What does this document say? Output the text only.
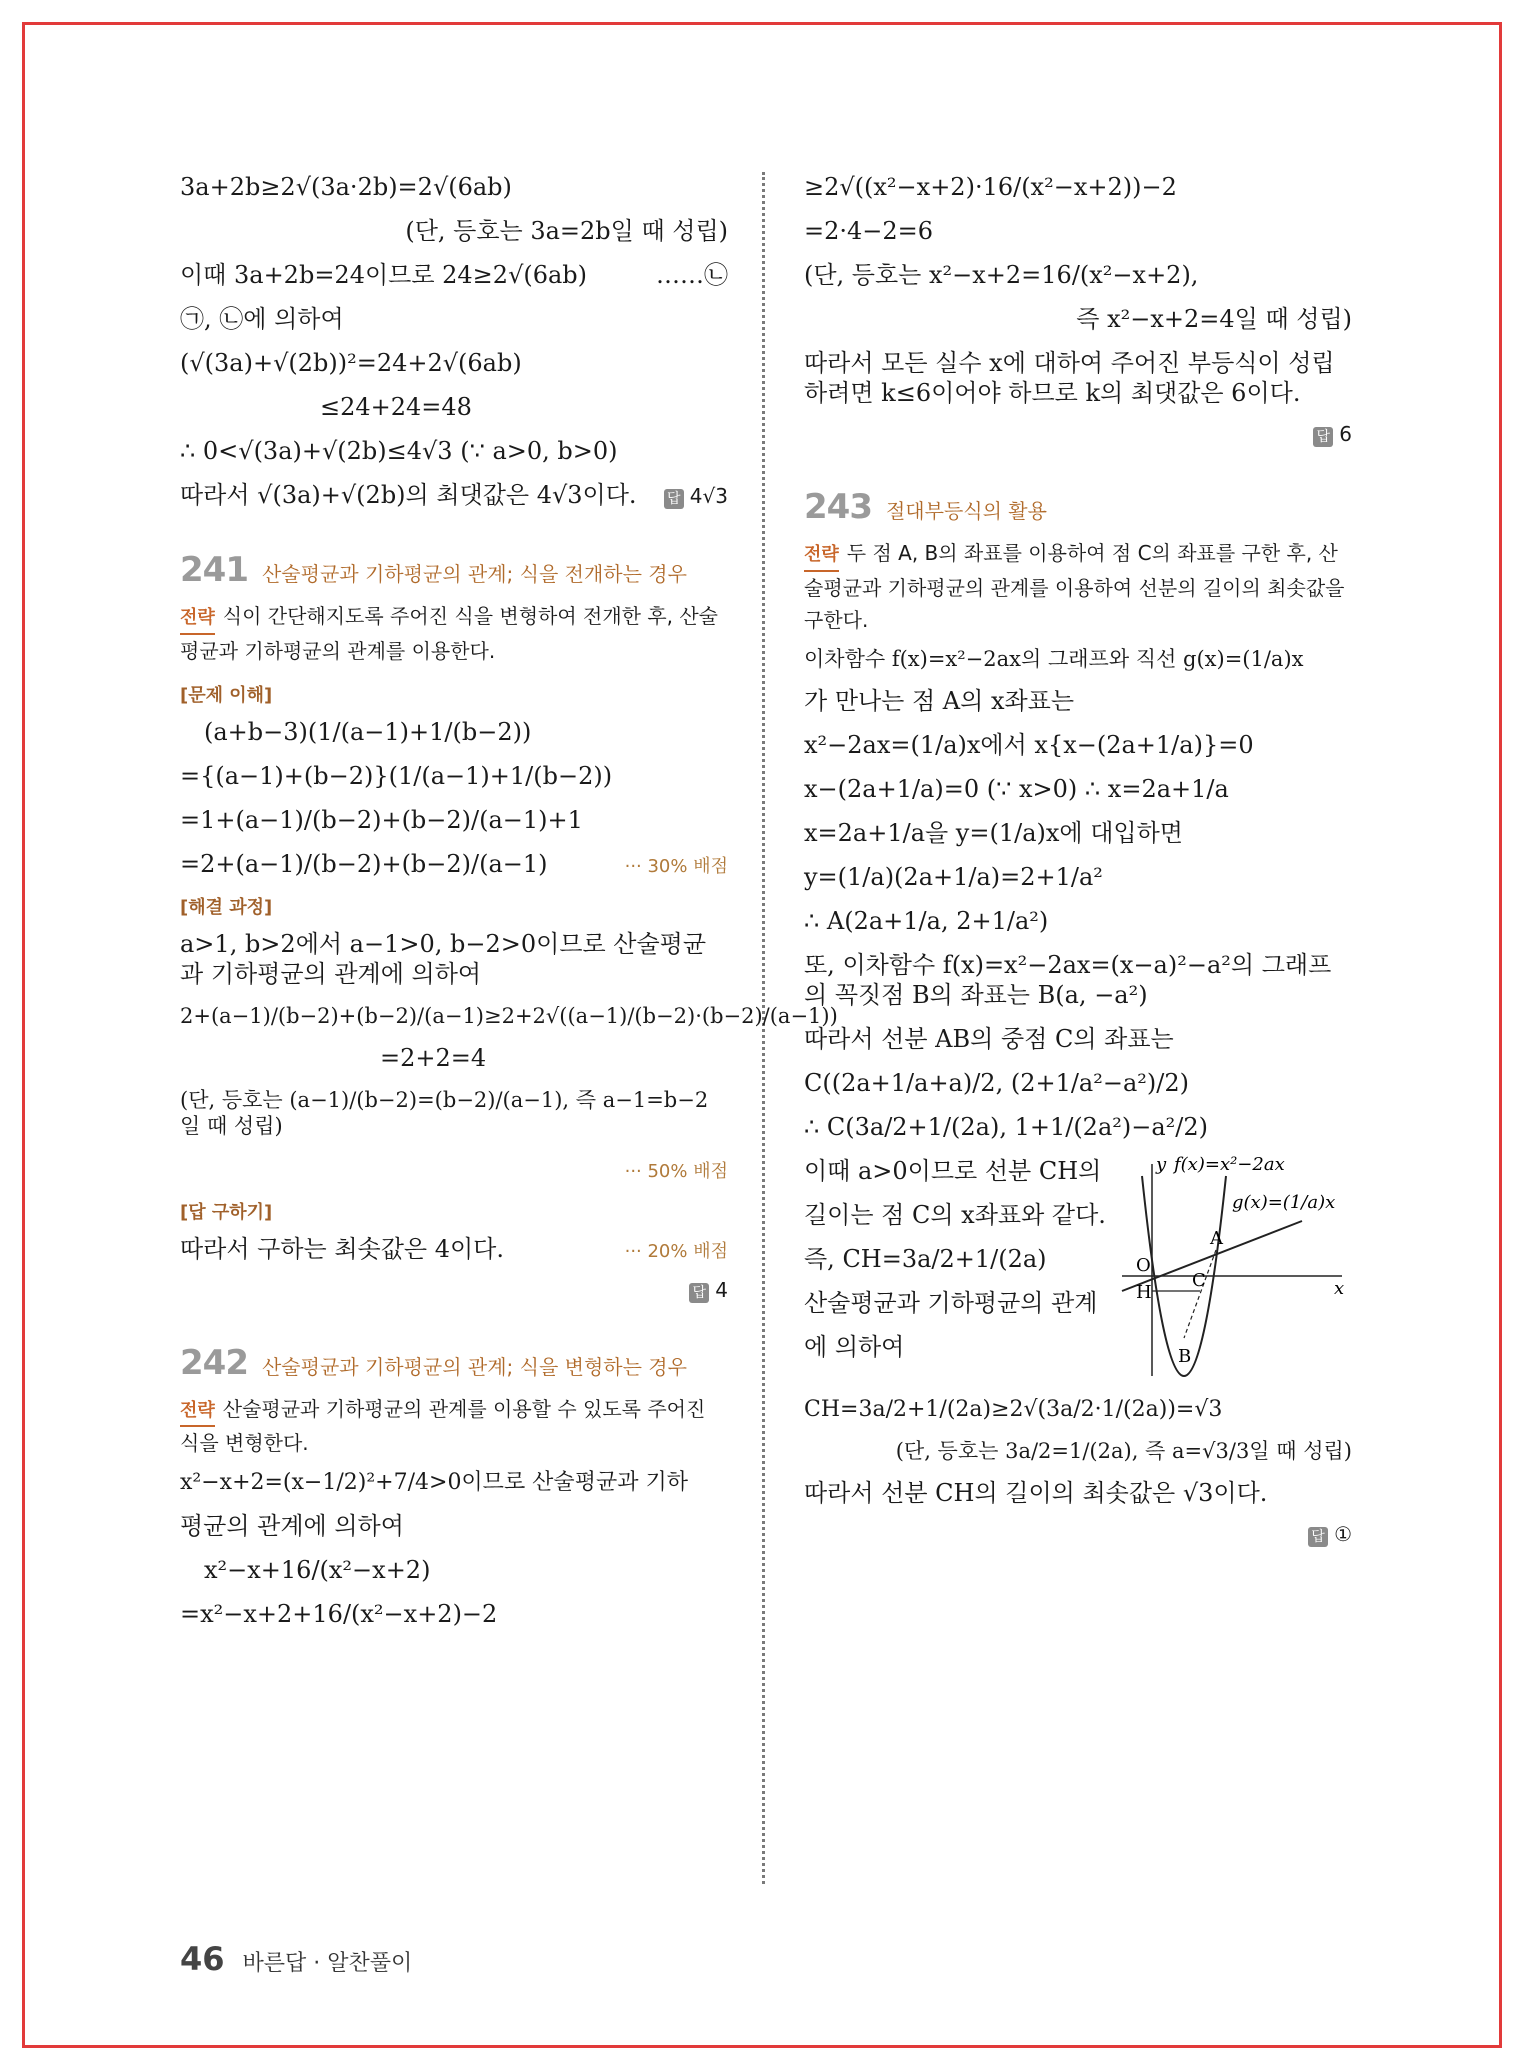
3a+2b≥2√(3a·2b)=2√(6ab)
(단, 등호는 3a=2b일 때 성립)
이때 3a+2b=24이므로 24≥2√(6ab)	……㉡
㉠, ㉡에 의하여
(√(3a)+√(2b))²=24+2√(6ab)
≤24+24=48
∴ 0<√(3a)+√(2b)≤4√3 (∵ a>0, b>0)
따라서 √(3a)+√(2b)의 최댓값은 4√3이다. 답 4√3
241 산술평균과 기하평균의 관계; 식을 전개하는 경우
전략 식이 간단해지도록 주어진 식을 변형하여 전개한 후, 산술평균과 기하평균의 관계를 이용한다.
[문제 이해]
(a+b−3)(1/(a−1)+1/(b−2))
={(a−1)+(b−2)}(1/(a−1)+1/(b−2))
=1+(a−1)/(b−2)+(b−2)/(a−1)+1
=2+(a−1)/(b−2)+(b−2)/(a−1)	··· 30% 배점
[해결 과정]
a>1, b>2에서 a−1>0, b−2>0이므로 산술평균과 기하평균의 관계에 의하여
2+(a−1)/(b−2)+(b−2)/(a−1)≥2+2√((a−1)/(b−2)·(b−2)/(a−1))
=2+2=4
(단, 등호는 (a−1)/(b−2)=(b−2)/(a−1), 즉 a−1=b−2일 때 성립)
··· 50% 배점
[답 구하기]
따라서 구하는 최솟값은 4이다.	··· 20% 배점
답 4
242 산술평균과 기하평균의 관계; 식을 변형하는 경우
전략 산술평균과 기하평균의 관계를 이용할 수 있도록 주어진 식을 변형한다.
x²−x+2=(x−1/2)²+7/4>0이므로 산술평균과 기하
평균의 관계에 의하여
x²−x+16/(x²−x+2)
=x²−x+2+16/(x²−x+2)−2
≥2√((x²−x+2)·16/(x²−x+2))−2
=2·4−2=6
(단, 등호는 x²−x+2=16/(x²−x+2),
즉 x²−x+2=4일 때 성립)
따라서 모든 실수 x에 대하여 주어진 부등식이 성립하려면 k≤6이어야 하므로 k의 최댓값은 6이다.
답 6
243 절대부등식의 활용
전략 두 점 A, B의 좌표를 이용하여 점 C의 좌표를 구한 후, 산술평균과 기하평균의 관계를 이용하여 선분의 길이의 최솟값을 구한다.
이차함수 f(x)=x²−2ax의 그래프와 직선 g(x)=(1/a)x
가 만나는 점 A의 x좌표는
x²−2ax=(1/a)x에서 x{x−(2a+1/a)}=0
x−(2a+1/a)=0 (∵ x>0) ∴ x=2a+1/a
x=2a+1/a을 y=(1/a)x에 대입하면
y=(1/a)(2a+1/a)=2+1/a²
∴ A(2a+1/a, 2+1/a²)
또, 이차함수 f(x)=x²−2ax=(x−a)²−a²의 그래프의 꼭짓점 B의 좌표는 B(a, −a²)
따라서 선분 AB의 중점 C의 좌표는
C((2a+1/a+a)/2, (2+1/a²−a²)/2)
∴ C(3a/2+1/(2a), 1+1/(2a²)−a²/2)
이때 a>0이므로 선분 CH의
길이는 점 C의 x좌표와 같다.
즉, CH=3a/2+1/(2a)
산술평균과 기하평균의 관계
에 의하여
y
x
O
A
B
C
H
f(x)=x²−2ax
g(x)=(1/a)x
CH=3a/2+1/(2a)≥2√(3a/2·1/(2a))=√3
(단, 등호는 3a/2=1/(2a), 즉 a=√3/3일 때 성립)
따라서 선분 CH의 길이의 최솟값은 √3이다.
답 ①
46 바른답 · 알찬풀이
